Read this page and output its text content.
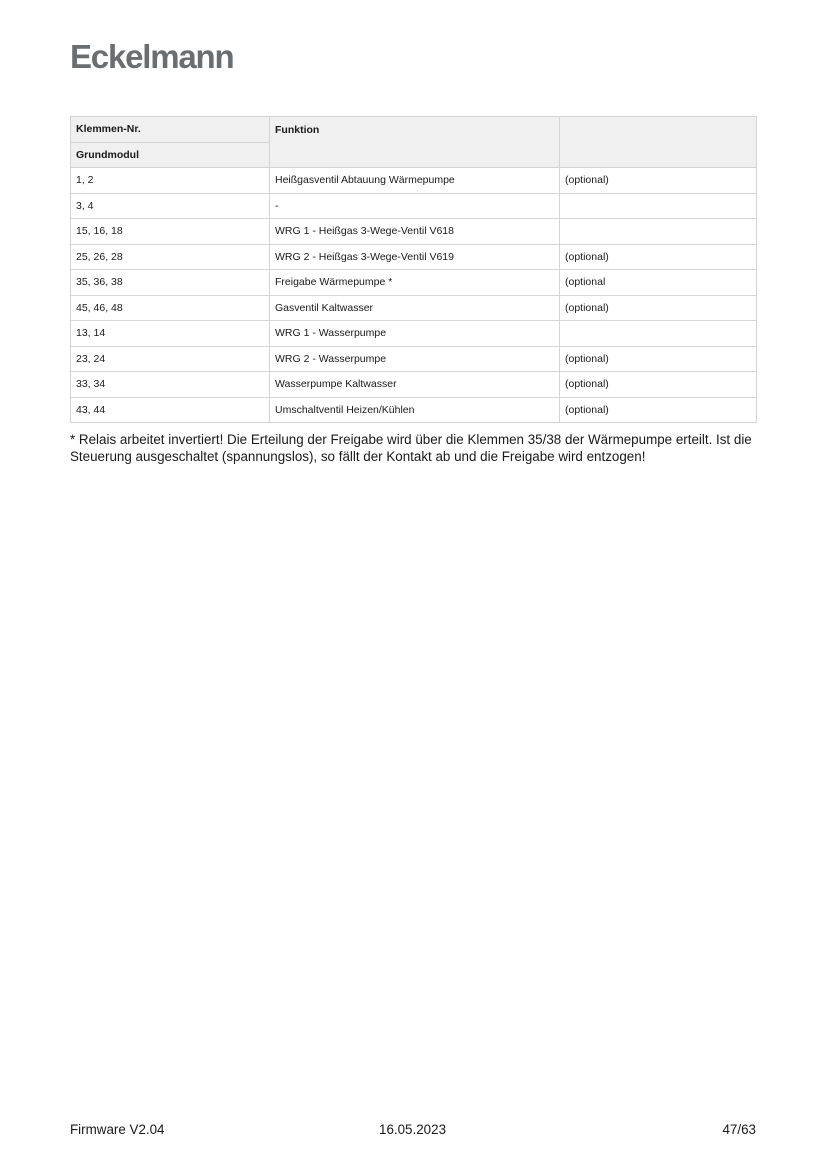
Eckelmann
Klemmen-Nr.	Funktion	
Grundmodul		
1, 2	Heißgasventil Abtauung Wärmepumpe	(optional)
3, 4	-	
15, 16, 18	WRG 1 - Heißgas 3-Wege-Ventil V618	
25, 26, 28	WRG 2 - Heißgas 3-Wege-Ventil V619	(optional)
35, 36, 38	Freigabe Wärmepumpe *	(optional
45, 46, 48	Gasventil Kaltwasser	(optional)
13, 14	WRG 1 - Wasserpumpe	
23, 24	WRG 2 - Wasserpumpe	(optional)
33, 34	Wasserpumpe Kaltwasser	(optional)
43, 44	Umschaltventil Heizen/Kühlen	(optional)
* Relais arbeitet invertiert! Die Erteilung der Freigabe wird über die Klemmen 35/38 der Wärmepumpe erteilt. Ist die Steuerung ausgeschaltet (spannungslos), so fällt der Kontakt ab und die Freigabe wird entzogen!
Firmware V2.04	16.05.2023	47/63
